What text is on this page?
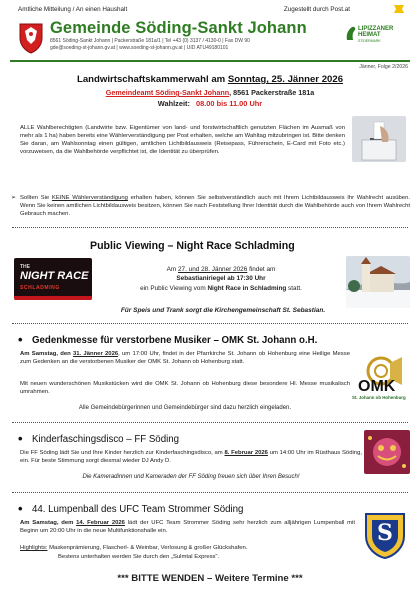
Amtliche Mitteilung / An einen Haushalt	Zugestellt durch Post.at
Gemeinde Söding-Sankt Johann
8561 Söding-Sankt Johann | Packerstraße 181a/1 | Tel +43 (0) 3137 / 4130-0 | Fax DW 90
gde@soeding-st-johann.gv.at | www.soeding-st-johann.gv.at | UID ATU49180101
LIPIZZANER
HEIMAT
STEIERMARK
Jänner, Folge 2/2026
Landwirtschaftskammerwahl am Sonntag, 25. Jänner 2026
Gemeindeamt Söding-Sankt Johann, 8561 Packerstraße 181a
Wahlzeit: 08.00 bis 11.00 Uhr
ALLE Wahlberechtigten (Landwirte bzw. Eigentümer von land- und forstwirtschaftlich genutzten Flächen im Ausmaß von mehr als 1 ha) haben bereits eine Wählerverständigung per Post erhalten, welche am Wahltag mitzubringen ist. Bitte denken Sie daran, am Wahlsonntag einen gültigen, amtlichen Lichtbildausweis (Reisepass, Führerschein, E-Card mit Foto etc.) vorzuweisen, da die Wahlbehörde verpflichtet ist, die Identität zu überprüfen.
➢ Sollten Sie KEINE Wählerverständigung erhalten haben, können Sie selbstverständlich auch mit Ihrem Lichtbildausweis Ihr Wahlrecht ausüben. Wenn Sie keinen amtlichen Lichtbildausweis besitzen, können Sie nach Feststellung Ihrer Identität durch die Wahlbehörde auch von Ihrem Wahlrecht Gebrauch machen.
Public Viewing – Night Race Schladming
THE
NIGHT RACE
SCHLADMING
Am 27. und 28. Jänner 2026 findet am
Sebastianiriegel ab 17:30 Uhr
ein Public Viewing vom Night Race in Schladming statt.
Für Speis und Trank sorgt die Kirchengemeinschaft St. Sebastian.
• Gedenkmesse für verstorbene Musiker – OMK St. Johann o.H.
Am Samstag, den 31. Jänner 2026, um 17:00 Uhr, findet in der Pfarrkirche St. Johann ob Hohenburg eine Heilige Messe zum Gedenken an die verstorbenen Musiker der OMK St. Johann ob Hohenburg statt.
Mit neuen wunderschönen Musikstücken wird die OMK St. Johann ob Hohenburg diese besondere Hl. Messe musikalisch umrahmen.
Alle Gemeindebürgerinnen und Gemeindebürger sind dazu herzlich eingeladen.
OMK
St. Johann ob Hohenburg
• Kinderfaschingsdisco – FF Söding
Die FF Söding lädt Sie und Ihre Kinder herzlich zur Kinderfaschingsdisco, am 8. Februar 2026 um 14:00 Uhr im Rüsthaus Söding, ein. Für beste Stimmung sorgt diesmal wieder DJ Andy D.
Die Kameradinnen und Kameraden der FF Söding freuen sich über Ihren Besuch!
• 44. Lumpenball des UFC Team Strommer Söding
Am Samstag, dem 14. Februar 2026 lädt der UFC Team Strommer Söding sehr herzlich zum alljährigen Lumpenball mit Beginn um 20:00 Uhr in die neue Multifunktionshalle ein.
Highlights: Maskenprämierung, Flascherl- & Weinbar, Verlosung & großer Glückshafen.
Bestens unterhalten werden Sie durch den „Sulmtal Express“.
S
*** BITTE WENDEN – Weitere Termine ***
